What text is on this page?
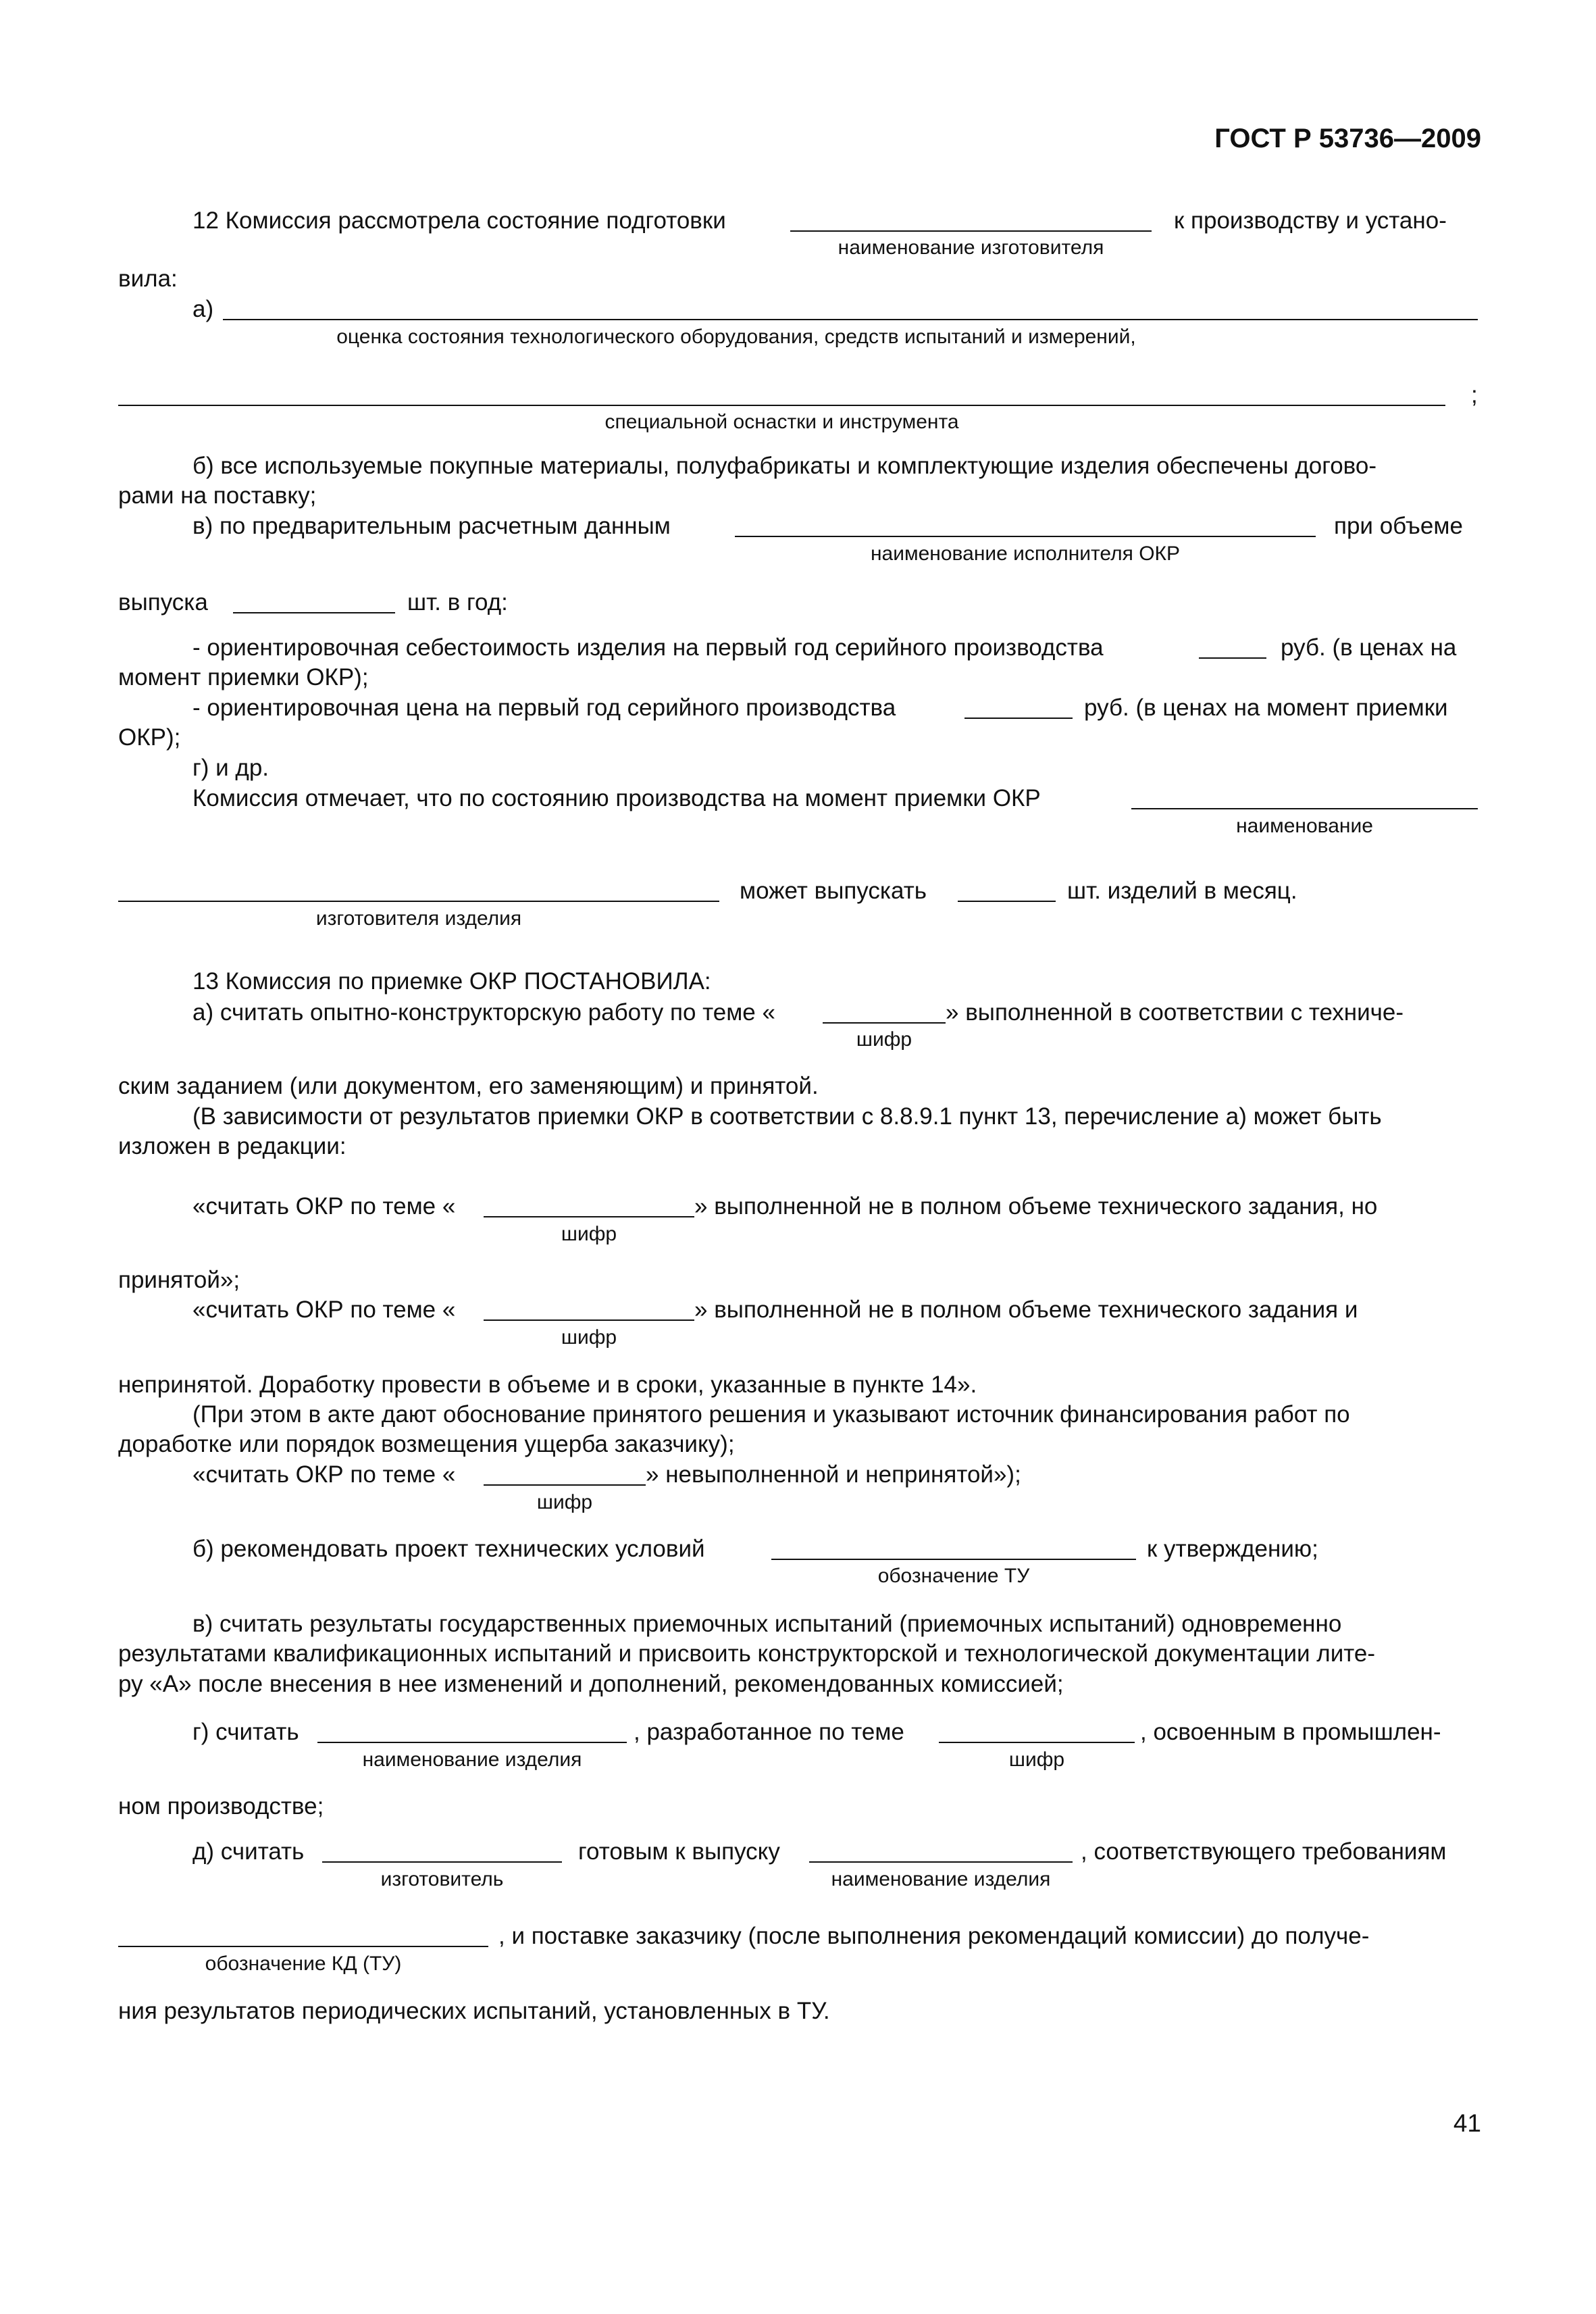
ГОСТ Р 53736—2009
12 Комиссия рассмотрела состояние подготовки	к производству и устано-
наименование изготовителя
вила:
а)
оценка состояния технологического оборудования, средств испытаний и измерений,
;
специальной оснастки и инструмента
б) все используемые покупные материалы, полуфабрикаты и комплектующие изделия обеспечены догово-
рами на поставку;
в) по предварительным расчетным данным	при объеме
наименование исполнителя ОКР
выпуска	шт. в год:
- ориентировочная себестоимость изделия на первый год серийного производства	руб. (в ценах на
момент приемки ОКР);
- ориентировочная цена на первый год серийного производства	руб. (в ценах на момент приемки
ОКР);
г) и др.
Комиссия отмечает, что по состоянию производства на момент приемки ОКР
наименование
может выпускать	шт. изделий в месяц.
изготовителя изделия
13 Комиссия по приемке ОКР ПОСТАНОВИЛА:
а) считать опытно-конструкторскую работу по теме «	» выполненной в соответствии с техниче-
шифр
ским заданием (или документом, его заменяющим) и принятой.
(В зависимости от результатов приемки ОКР в соответствии с 8.8.9.1 пункт 13, перечисление а) может быть
изложен в редакции:
«считать ОКР по теме «	» выполненной не в полном объеме технического задания, но
шифр
принятой»;
«считать ОКР по теме «	» выполненной не в полном объеме технического задания и
шифр
непринятой. Доработку провести в объеме и в сроки, указанные в пункте 14».
(При этом в акте дают обоснование принятого решения и указывают источник финансирования работ по
доработке или порядок возмещения ущерба заказчику);
«считать ОКР по теме «	» невыполненной и непринятой»);
шифр
б) рекомендовать проект технических условий	к утверждению;
обозначение ТУ
в) считать результаты государственных приемочных испытаний (приемочных испытаний) одновременно
результатами квалификационных испытаний и присвоить конструкторской и технологической документации лите-
ру «А» после внесения в нее изменений и дополнений, рекомендованных комиссией;
г) считать	, разработанное по теме	, освоенным в промышлен-
наименование изделия	шифр
ном производстве;
д) считать	готовым к выпуску	, соответствующего требованиям
изготовитель	наименование изделия
, и поставке заказчику (после выполнения рекомендаций комиссии) до получе-
обозначение КД (ТУ)
ния результатов периодических испытаний, установленных в ТУ.
41
